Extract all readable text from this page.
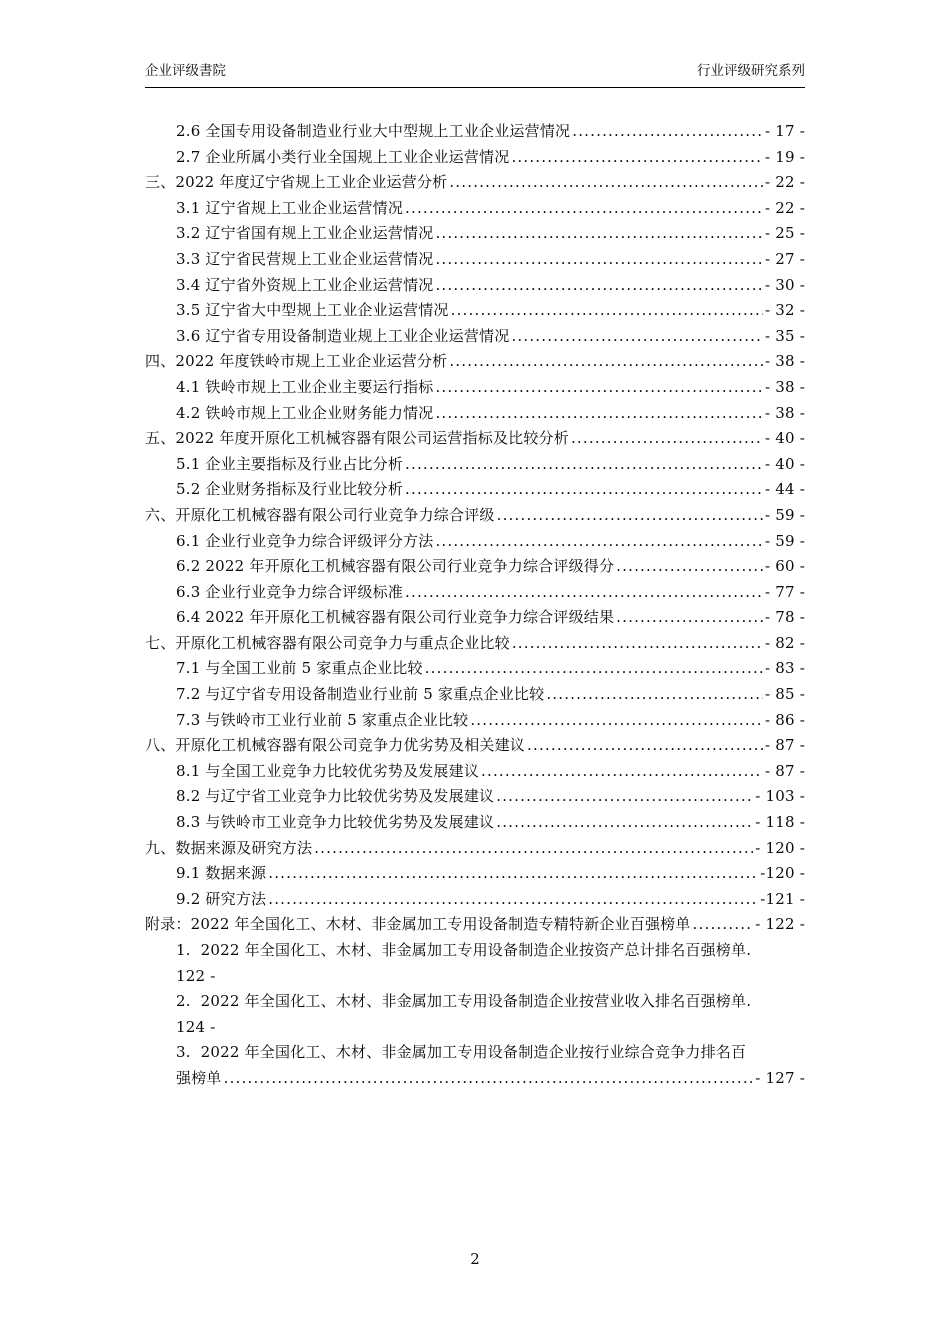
企业评级書院	行业评级研究系列
2.6 全国专用设备制造业行业大中型规上工业企业运营情况 .....	- 17 -
2.7 企业所属小类行业全国规上工业企业运营情况 .....	- 19 -
三、2022 年度辽宁省规上工业企业运营分析 .....	- 22 -
3.1 辽宁省规上工业企业运营情况 .....	- 22 -
3.2 辽宁省国有规上工业企业运营情况 .....	- 25 -
3.3 辽宁省民营规上工业企业运营情况 .....	- 27 -
3.4 辽宁省外资规上工业企业运营情况 .....	- 30 -
3.5 辽宁省大中型规上工业企业运营情况 .....	- 32 -
3.6 辽宁省专用设备制造业规上工业企业运营情况 .....	- 35 -
四、2022 年度铁岭市规上工业企业运营分析 .....	- 38 -
4.1 铁岭市规上工业企业主要运行指标 .....	- 38 -
4.2 铁岭市规上工业企业财务能力情况 .....	- 38 -
五、2022 年度开原化工机械容器有限公司运营指标及比较分析 .....	- 40 -
5.1 企业主要指标及行业占比分析 .....	- 40 -
5.2 企业财务指标及行业比较分析 .....	- 44 -
六、开原化工机械容器有限公司行业竞争力综合评级 .....	- 59 -
6.1 企业行业竞争力综合评级评分方法 .....	- 59 -
6.2 2022 年开原化工机械容器有限公司行业竞争力综合评级得分 .....	- 60 -
6.3 企业行业竞争力综合评级标准 .....	- 77 -
6.4 2022 年开原化工机械容器有限公司行业竞争力综合评级结果 .....	- 78 -
七、开原化工机械容器有限公司竞争力与重点企业比较 .....	- 82 -
7.1 与全国工业前 5 家重点企业比较 .....	- 83 -
7.2 与辽宁省专用设备制造业行业前 5 家重点企业比较 .....	- 85 -
7.3 与铁岭市工业行业前 5 家重点企业比较 .....	- 86 -
八、开原化工机械容器有限公司竞争力优劣势及相关建议 .....	- 87 -
8.1 与全国工业竞争力比较优劣势及发展建议 .....	- 87 -
8.2 与辽宁省工业竞争力比较优劣势及发展建议 .....	- 103 -
8.3 与铁岭市工业竞争力比较优劣势及发展建议 .....	- 118 -
九、数据来源及研究方法 .....	- 120 -
9.1 数据来源 .....	-120 -
9.2 研究方法 .....	-121 -
附录：2022 年全国化工、木材、非金属加工专用设备制造专精特新企业百强榜单 .....	- 122 -
1.  2022 年全国化工、木材、非金属加工专用设备制造企业按资产总计排名百强榜单.
122 -
2.  2022 年全国化工、木材、非金属加工专用设备制造企业按营业收入排名百强榜单.
124 -
3.  2022 年全国化工、木材、非金属加工专用设备制造企业按行业综合竞争力排名百
强榜单 .....	- 127 -
2
